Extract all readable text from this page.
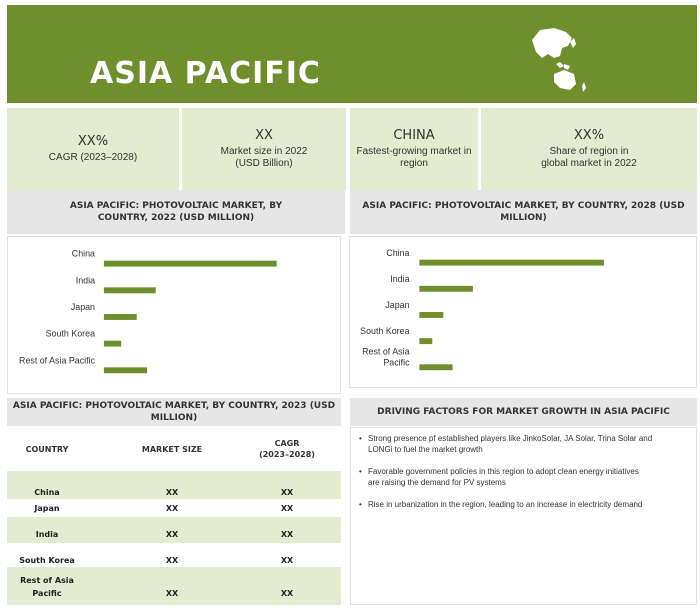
ASIA PACIFIC
XX%
CAGR (2023–2028)
XX
Market size in 2022
(USD Billion)
CHINA
Fastest-growing market in
region
XX%
Share of region in
global market in 2022
ASIA PACIFIC: PHOTOVOLTAIC MARKET, BY COUNTRY, 2022 (USD MILLION)
ASIA PACIFIC: PHOTOVOLTAIC MARKET, BY COUNTRY, 2028 (USD MILLION)
China
India
Japan
South Korea
Rest of Asia Pacific
China
India
Japan
South Korea
Rest of Asia Pacific
ASIA PACIFIC: PHOTOVOLTAIC MARKET, BY COUNTRY, 2023 (USD MILLION)
COUNTRY	MARKET SIZE
CAGR
(2023–2028)
China	XX	XX
Japan	XX	XX
India	XX	XX
South Korea	XX	XX
Rest of Asia
Pacific	XX	XX
DRIVING FACTORS FOR MARKET GROWTH IN ASIA PACIFIC
• Strong presence pf established players like JinkoSolar, JA Solar, Trina Solar and
LONGi to fuel the market growth
• Favorable government policies in this region to adopt clean energy initiatives
are raising the demand for PV systems
• Rise in urbanization in the region, leading to an increase in electricity demand
